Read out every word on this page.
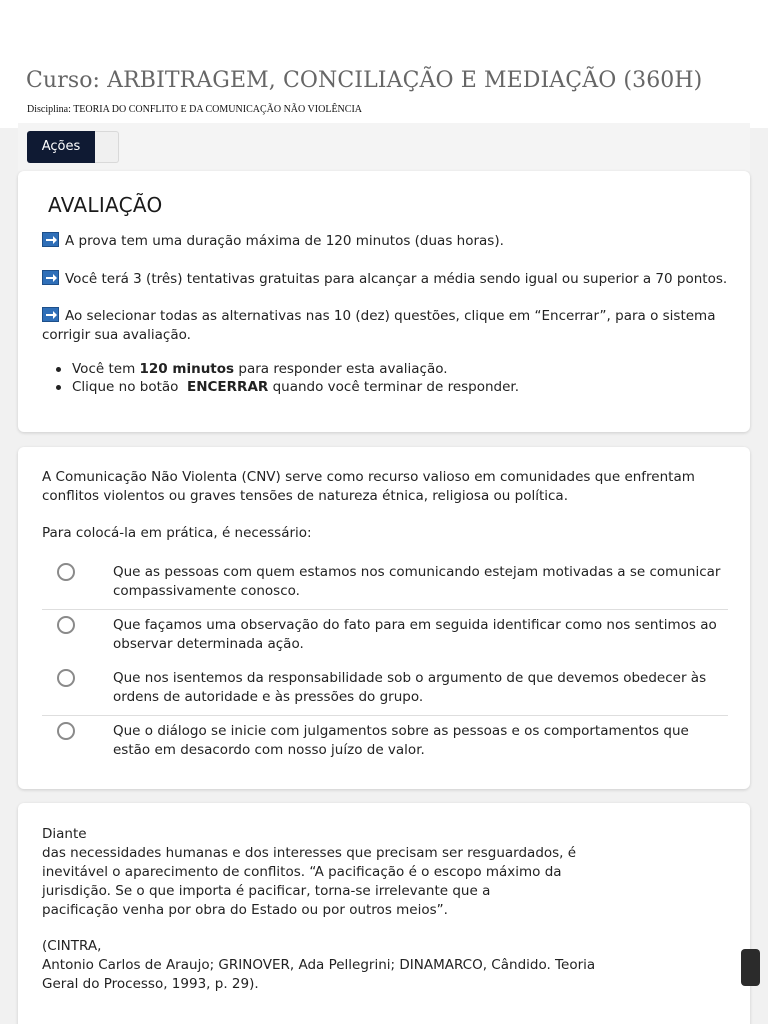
Curso: ARBITRAGEM, CONCILIAÇÃO E MEDIAÇÃO (360H)
Disciplina: TEORIA DO CONFLITO E DA COMUNICAÇÃO NÃO VIOLÊNCIA
Ações
AVALIAÇÃO
A prova tem uma duração máxima de 120 minutos (duas horas).
Você terá 3 (três) tentativas gratuitas para alcançar a média sendo igual ou superior a 70 pontos.
Ao selecionar todas as alternativas nas 10 (dez) questões, clique em “Encerrar”, para o sistema corrigir sua avaliação.
Você tem 120 minutos para responder esta avaliação.
Clique no botão  ENCERRAR quando você terminar de responder.
A Comunicação Não Violenta (CNV) serve como recurso valioso em comunidades que enfrentam conflitos violentos ou graves tensões de natureza étnica, religiosa ou política.
Para colocá-la em prática, é necessário:
Que as pessoas com quem estamos nos comunicando estejam motivadas a se comunicar compassivamente conosco.
Que façamos uma observação do fato para em seguida identificar como nos sentimos ao observar determinada ação.
Que nos isentemos da responsabilidade sob o argumento de que devemos obedecer às ordens de autoridade e às pressões do grupo.
Que o diálogo se inicie com julgamentos sobre as pessoas e os comportamentos que estão em desacordo com nosso juízo de valor.
Diante
das necessidades humanas e dos interesses que precisam ser resguardados, é
inevitável o aparecimento de conflitos. “A pacificação é o escopo máximo da
jurisdição. Se o que importa é pacificar, torna-se irrelevante que a
pacificação venha por obra do Estado ou por outros meios”.
(CINTRA,
Antonio Carlos de Araujo; GRINOVER, Ada Pellegrini; DINAMARCO, Cândido. Teoria
Geral do Processo, 1993, p. 29).
